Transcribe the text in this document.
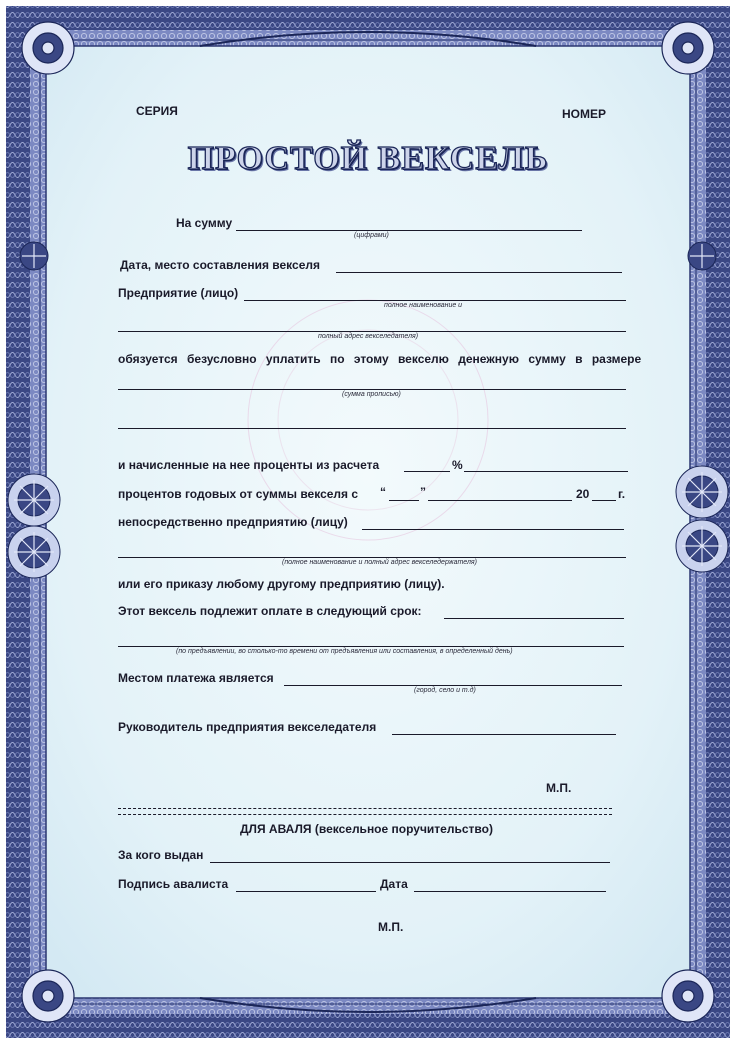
СЕРИЯ	НОМЕР
ПРОСТОЙ ВЕКСЕЛЬ
На сумму
(цифрами)
Дата, место составления векселя
Предприятие (лицо)
полное наименование и
полный адрес векселедателя)
обязуется безусловно уплатить по этому векселю денежную сумму в размере
(сумма прописью)
и начисленные на нее проценты из расчета	%
процентов годовых от суммы векселя с “	”	20 г.
непосредственно предприятию (лицу)
(полное наименование и полный адрес векселедержателя)
или его приказу любому другому предприятию (лицу).
Этот вексель подлежит оплате в следующий срок:
(по предъявлении, во столько-то времени от предъявления или составления, в определенный день)
Местом платежа является
(город, село и т.д)
Руководитель предприятия векселедателя
М.П.
ДЛЯ АВАЛЯ (вексельное поручительство)
За кого выдан
Подпись авалиста	Дата
М.П.
